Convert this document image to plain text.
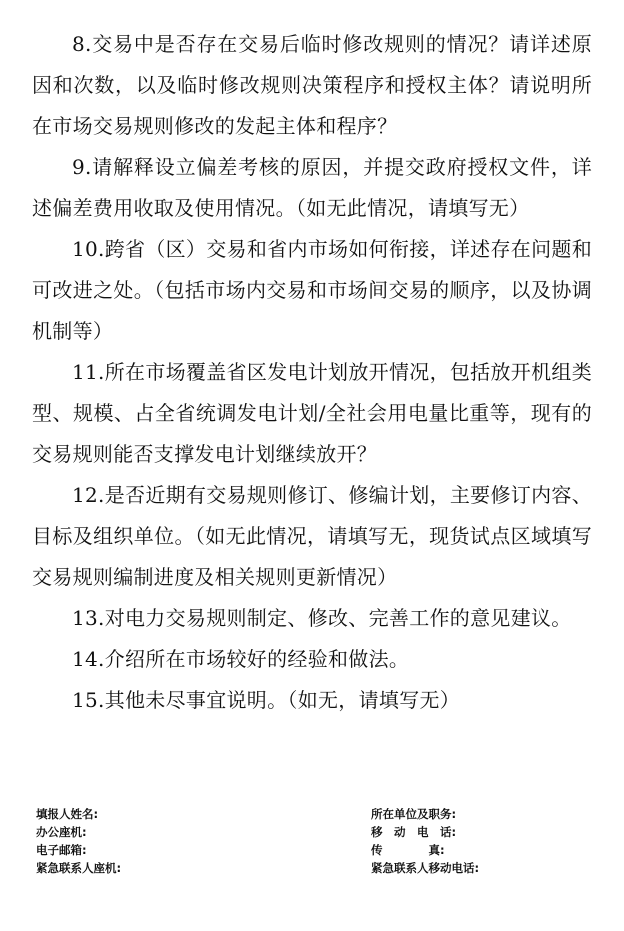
8.交易中是否存在交易后临时修改规则的情况？请详述原因和次数，以及临时修改规则决策程序和授权主体？请说明所在市场交易规则修改的发起主体和程序？

9.请解释设立偏差考核的原因，并提交政府授权文件，详述偏差费用收取及使用情况。（如无此情况，请填写无）

10.跨省（区）交易和省内市场如何衔接，详述存在问题和可改进之处。（包括市场内交易和市场间交易的顺序，以及协调机制等）

11.所在市场覆盖省区发电计划放开情况，包括放开机组类型、规模、占全省统调发电计划/全社会用电量比重等，现有的交易规则能否支撑发电计划继续放开？

12.是否近期有交易规则修订、修编计划，主要修订内容、目标及组织单位。（如无此情况，请填写无，现货试点区域填写交易规则编制进度及相关规则更新情况）

13.对电力交易规则制定、修改、完善工作的意见建议。

14.介绍所在市场较好的经验和做法。

15.其他未尽事宜说明。（如无，请填写无）

填报人姓名:
办公座机:
电子邮箱:
紧急联系人座机:
所在单位及职务:
移　动　电　话:
传　　　　真:
紧急联系人移动电话:
